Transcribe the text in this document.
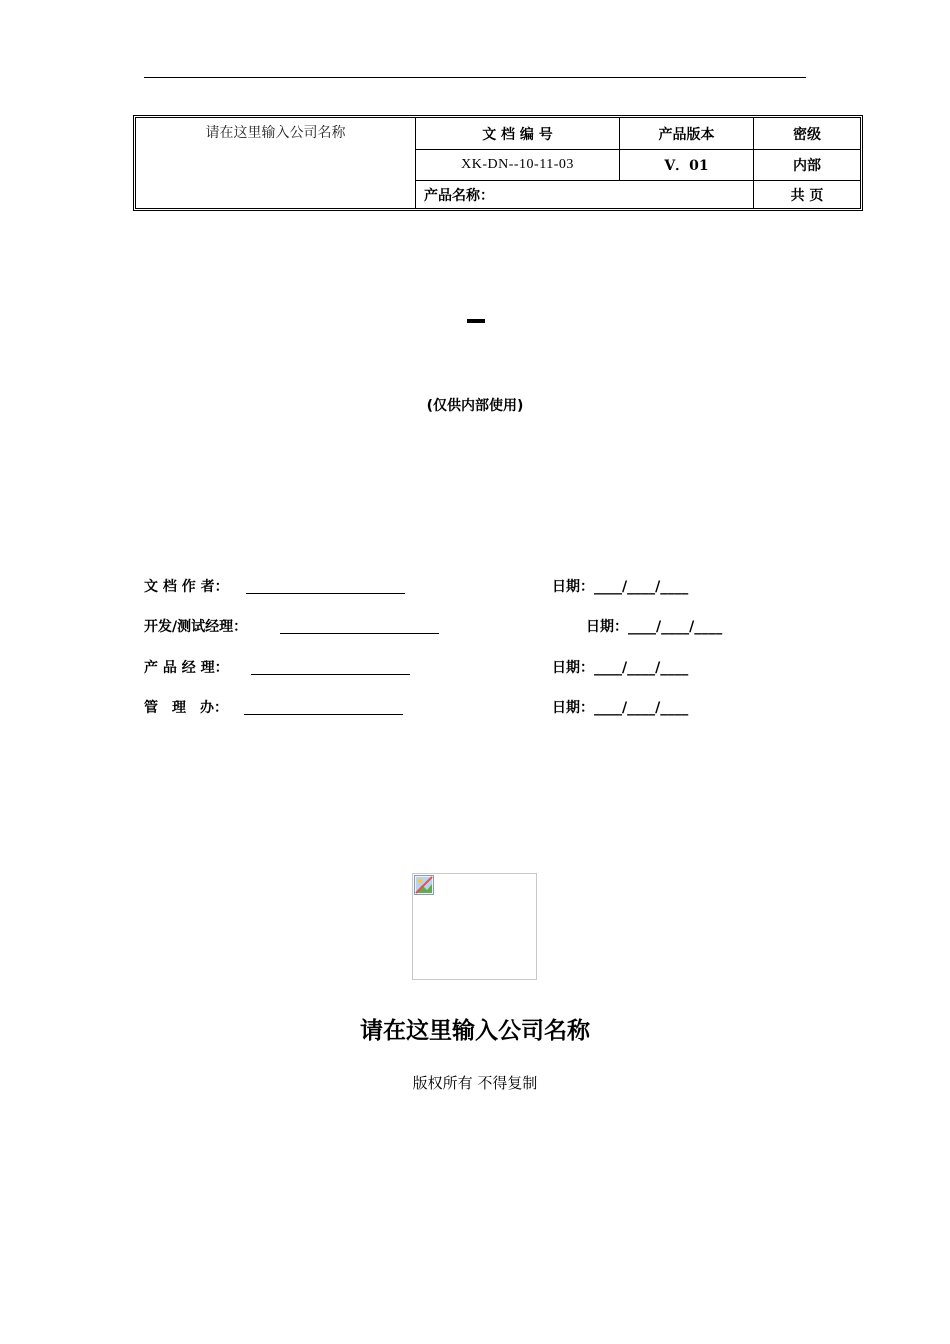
请在这里输入公司名称	文 档 编 号	产品版本	密级
XK-DN--10-11-03	V．01	内部
产品名称：	共 页
(仅供内部使用)
文 档 作 者：	日期：____/____/____
开发/测试经理：	日期：____/____/____
产 品 经 理：	日期：____/____/____
管　理　办：	日期：____/____/____
请在这里输入公司名称
版权所有 不得复制
